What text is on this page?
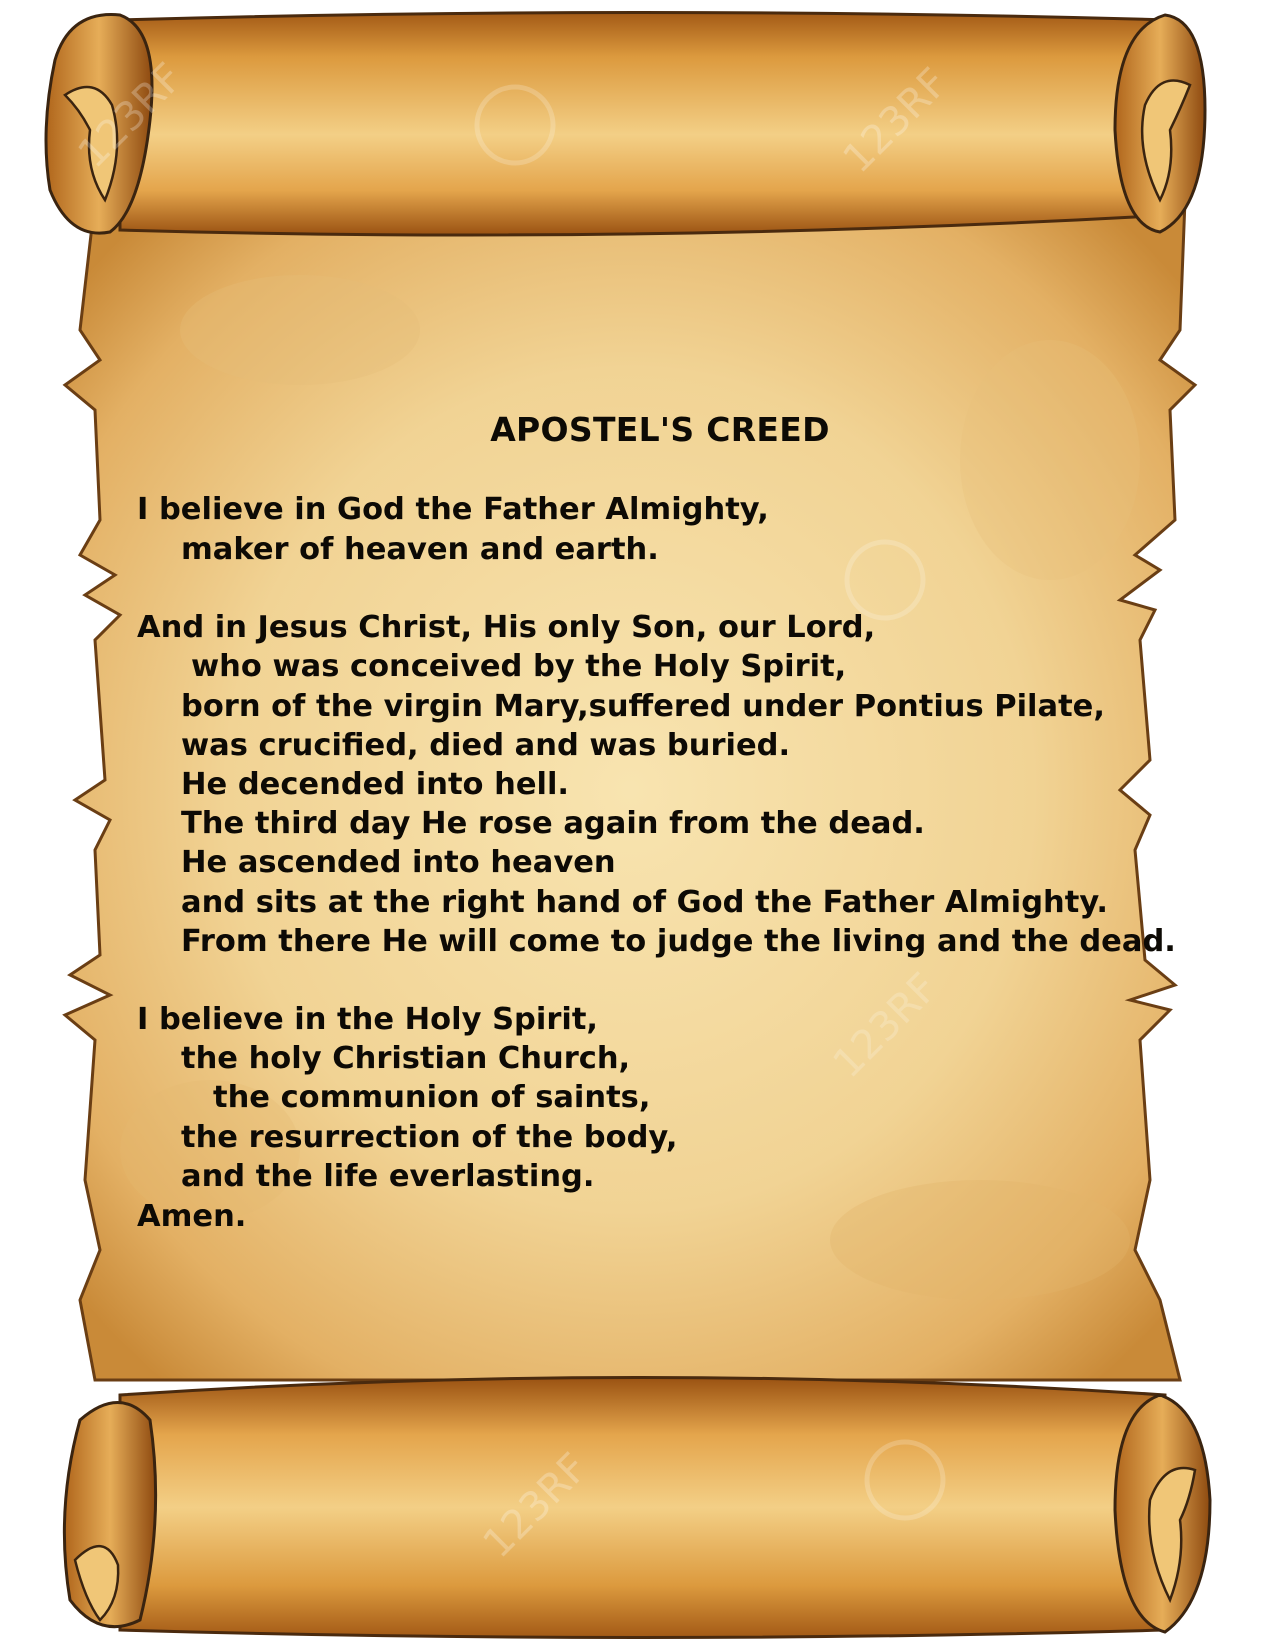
123RF	123RF
123RF
123RF
APOSTEL'S CREED
I believe in God the Father Almighty,
maker of heaven and earth.
And in Jesus Christ, His only Son, our Lord,
who was conceived by the Holy Spirit,
born of the virgin Mary,suffered under Pontius Pilate,
was crucified, died and was buried.
He decended into hell.
The third day He rose again from the dead.
He ascended into heaven
and sits at the right hand of God the Father Almighty.
From there He will come to judge the living and the dead.
I believe in the Holy Spirit,
the holy Christian Church,
the communion of saints,
the resurrection of the body,
and the life everlasting.
Amen.
